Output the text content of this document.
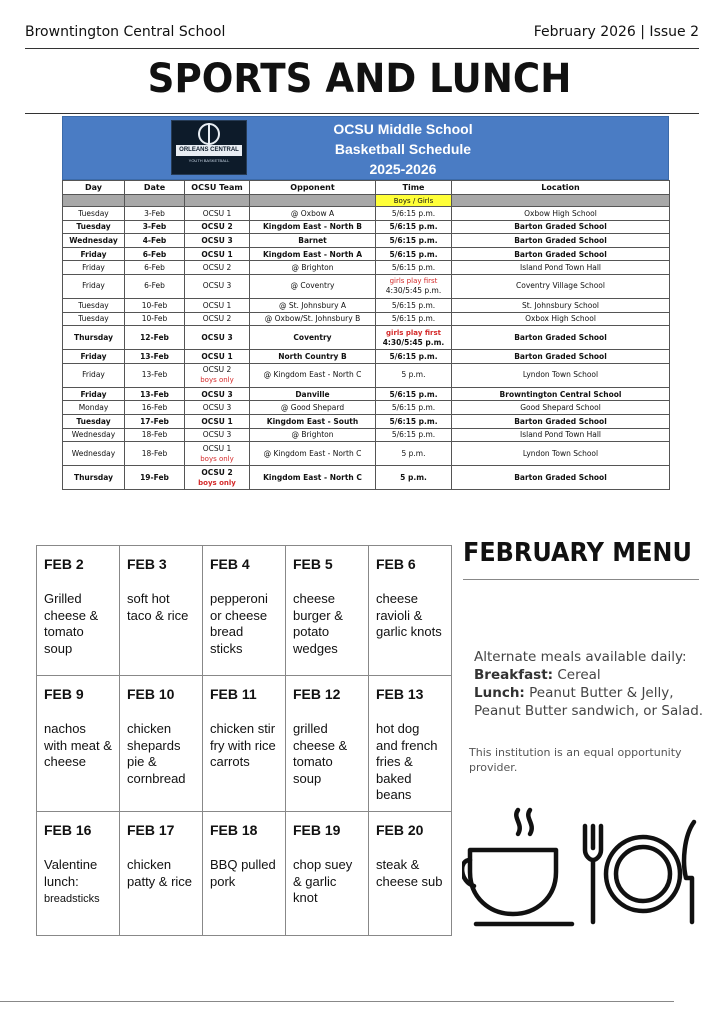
Browntington Central School	February 2026 | Issue 2
SPORTS AND LUNCH
ORLEANS CENTRAL
YOUTH BASKETBALL
OCSU Middle School
Basketball Schedule
2025-2026
Day	Date	OCSU Team	Opponent	Time	Location
				Boys / Girls	
Tuesday	3-Feb	OCSU 1	@ Oxbow A	5/6:15 p.m.	Oxbow High School
Tuesday	3-Feb	OCSU 2	Kingdom East - North B	5/6:15 p.m.	Barton Graded School
Wednesday	4-Feb	OCSU 3	Barnet	5/6:15 p.m.	Barton Graded School
Friday	6-Feb	OCSU 1	Kingdom East - North A	5/6:15 p.m.	Barton Graded School
Friday	6-Feb	OCSU 2	@ Brighton	5/6:15 p.m.	Island Pond Town Hall
Friday	6-Feb	OCSU 3	@ Coventry	girls play first
4:30/5:45 p.m.	Coventry Village School
Tuesday	10-Feb	OCSU 1	@ St. Johnsbury A	5/6:15 p.m.	St. Johnsbury School
Tuesday	10-Feb	OCSU 2	@ Oxbow/St. Johnsbury B	5/6:15 p.m.	Oxbox High School
Thursday	12-Feb	OCSU 3	Coventry	girls play first
4:30/5:45 p.m.	Barton Graded School
Friday	13-Feb	OCSU 1	North Country B	5/6:15 p.m.	Barton Graded School
Friday	13-Feb	OCSU 2
boys only	@ Kingdom East - North C	5 p.m.	Lyndon Town School
Friday	13-Feb	OCSU 3	Danville	5/6:15 p.m.	Browntington Central School
Monday	16-Feb	OCSU 3	@ Good Shepard	5/6:15 p.m.	Good Shepard School
Tuesday	17-Feb	OCSU 1	Kingdom East - South	5/6:15 p.m.	Barton Graded School
Wednesday	18-Feb	OCSU 3	@ Brighton	5/6:15 p.m.	Island Pond Town Hall
Wednesday	18-Feb	OCSU 1
boys only	@ Kingdom East - North C	5 p.m.	Lyndon Town School
Thursday	19-Feb	OCSU 2
boys only	Kingdom East - North C	5 p.m.	Barton Graded School
FEB 2
Grilled cheese & tomato soup	FEB 3
soft hot taco & rice	FEB 4
pepperoni or cheese bread sticks	FEB 5
cheese burger & potato wedges	FEB 6
cheese ravioli & garlic knots

FEB 9
nachos with meat & cheese	FEB 10
chicken shepards pie & cornbread	FEB 11
chicken stir fry with rice carrots	FEB 12
grilled cheese & tomato soup	FEB 13
hot dog and french fries & baked beans

FEB 16
Valentine lunch:
breadsticks	FEB 17
chicken patty & rice	FEB 18
BBQ pulled pork	FEB 19
chop suey & garlic knot	FEB 20
steak & cheese sub
FEBRUARY MENU
Alternate meals available daily:
Breakfast: Cereal
Lunch: Peanut Butter & Jelly, Peanut Butter sandwich, or Salad.
This institution is an equal opportunity provider.
